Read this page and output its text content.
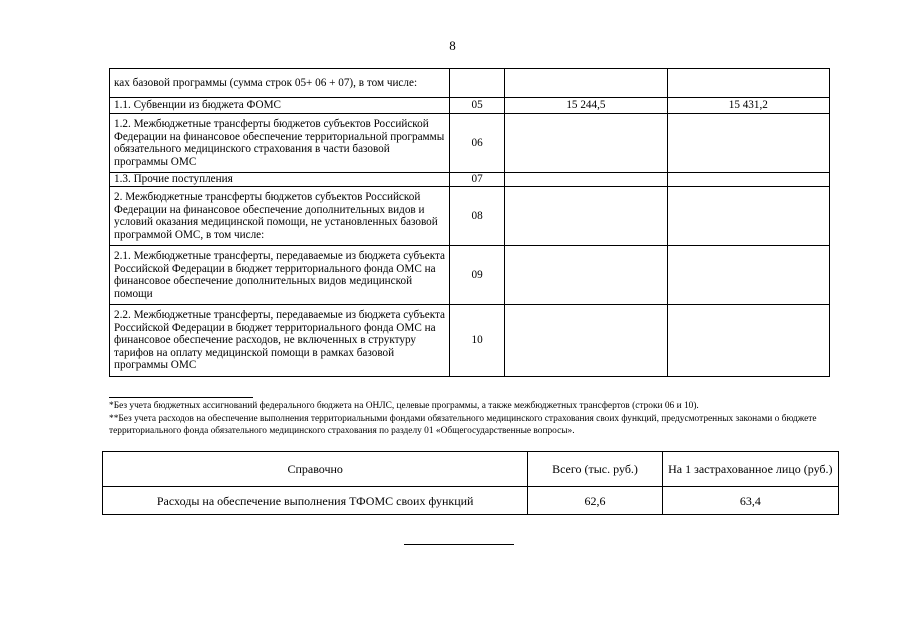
8
ках базовой программы (сумма строк 05+ 06 + 07), в том числе:			
1.1. Субвенции из бюджета ФОМС	05	15 244,5	15 431,2
1.2. Межбюджетные трансферты бюджетов субъектов Российской Федерации на финансовое обеспечение территориальной программы обязательного медицинского страхования в части базовой программы ОМС	06		
1.3. Прочие поступления	07		
2. Межбюджетные трансферты бюджетов субъектов Российской Федерации на финансовое обеспечение дополнительных видов и условий оказания медицинской помощи, не установленных базовой программой ОМС, в том числе:	08		
2.1. Межбюджетные трансферты, передаваемые из бюджета субъекта Российской Федерации в бюджет территориального фонда ОМС на финансовое обеспечение дополнительных видов медицинской помощи	09		
2.2. Межбюджетные трансферты, передаваемые из бюджета субъекта Российской Федерации в бюджет территориального фонда ОМС на финансовое обеспечение расходов, не включенных в структуру тарифов на оплату медицинской помощи в рамках базовой программы ОМС	10		

*Без учета бюджетных ассигнований федерального бюджета на ОНЛС, целевые программы, а также межбюджетных трансфертов (строки 06 и 10).

**Без учета расходов на обеспечение выполнения территориальными фондами обязательного медицинского страхования своих функций, предусмотренных законами о бюджете территориального фонда обязательного медицинского страхования по разделу 01 «Общегосударственные вопросы».

Справочно	Всего (тыс. руб.)	На 1 застрахованное лицо (руб.)
Расходы на обеспечение выполнения ТФОМС своих функций	62,6	63,4
